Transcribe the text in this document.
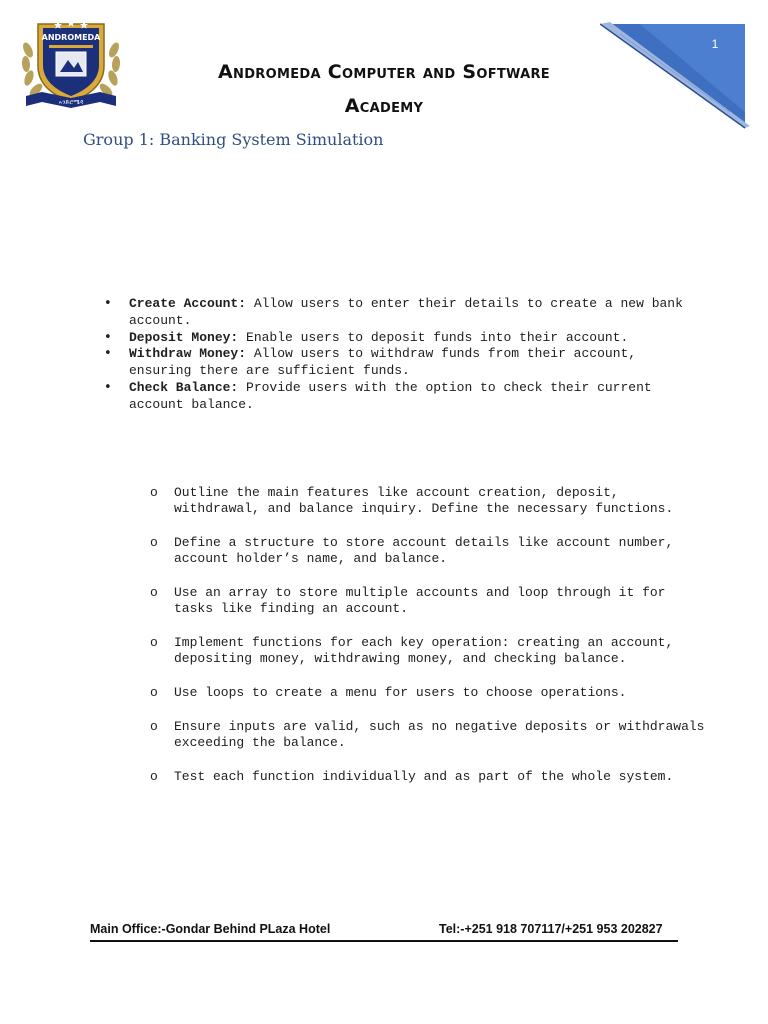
ANDROMEDA
ኣንድሮሜዳ
1
Andromeda Computer and Software
Academy
Group 1: Banking System Simulation
• Create Account: Allow users to enter their details to create a new bank account.
• Deposit Money: Enable users to deposit funds into their account.
• Withdraw Money: Allow users to withdraw funds from their account, ensuring there are sufficient funds.
• Check Balance: Provide users with the option to check their current account balance.
o Outline the main features like account creation, deposit, withdrawal, and balance inquiry. Define the necessary functions.
o Define a structure to store account details like account number, account holder’s name, and balance.
o Use an array to store multiple accounts and loop through it for tasks like finding an account.
o Implement functions for each key operation: creating an account, depositing money, withdrawing money, and checking balance.
o Use loops to create a menu for users to choose operations.
o Ensure inputs are valid, such as no negative deposits or withdrawals exceeding the balance.
o Test each function individually and as part of the whole system.
Main Office:-Gondar Behind PLaza Hotel	Tel:-+251 918 707117/+251 953 202827
